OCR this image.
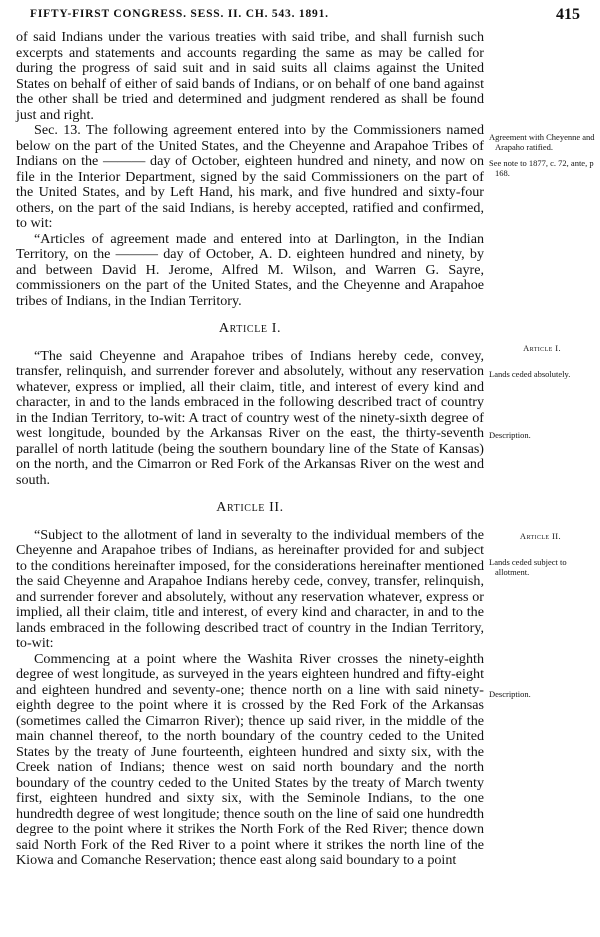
FIFTY-FIRST CONGRESS. SESS. II. CH. 543. 1891.	415

of said Indians under the various treaties with said tribe, and shall furnish such excerpts and statements and accounts regarding the same as may be called for during the progress of said suit and in said suits all claims against the United States on behalf of either of said bands of Indians, or on behalf of one band against the other shall be tried and determined and judgment rendered as shall be found just and right.

Sec. 13. The following agreement entered into by the Commissioners named below on the part of the United States, and the Cheyenne and Arapahoe Tribes of Indians on the ——— day of October, eighteen hundred and ninety, and now on file in the Interior Department, signed by the said Commissioners on the part of the United States, and by Left Hand, his mark, and five hundred and sixty-four others, on the part of the said Indians, is hereby accepted, ratified and confirmed, to wit:

“Articles of agreement made and entered into at Darlington, in the Indian Territory, on the ——— day of October, A. D. eighteen hundred and ninety, by and between David H. Jerome, Alfred M. Wilson, and Warren G. Sayre, commissioners on the part of the United States, and the Cheyenne and Arapahoe tribes of Indians, in the Indian Territory.

Article I.

“The said Cheyenne and Arapahoe tribes of Indians hereby cede, convey, transfer, relinquish, and surrender forever and absolutely, without any reservation whatever, express or implied, all their claim, title, and interest of every kind and character, in and to the lands embraced in the following described tract of country in the Indian Territory, to-wit: A tract of country west of the ninety-sixth degree of west longitude, bounded by the Arkansas River on the east, the thirty-seventh parallel of north latitude (being the southern boundary line of the State of Kansas) on the north, and the Cimarron or Red Fork of the Arkansas River on the west and south.

Article II.

“Subject to the allotment of land in severalty to the individual members of the Cheyenne and Arapahoe tribes of Indians, as hereinafter provided for and subject to the conditions hereinafter imposed, for the considerations hereinafter mentioned the said Cheyenne and Arapahoe Indians hereby cede, convey, transfer, relinquish, and surrender forever and absolutely, without any reservation whatever, express or implied, all their claim, title and interest, of every kind and character, in and to the lands embraced in the following described tract of country in the Indian Territory, to-wit:

Commencing at a point where the Washita River crosses the ninety-eighth degree of west longitude, as surveyed in the years eighteen hundred and fifty-eight and eighteen hundred and seventy-one; thence north on a line with said ninety-eighth degree to the point where it is crossed by the Red Fork of the Arkansas (sometimes called the Cimarron River); thence up said river, in the middle of the main channel thereof, to the north boundary of the country ceded to the United States by the treaty of June fourteenth, eighteen hundred and sixty six, with the Creek nation of Indians; thence west on said north boundary and the north boundary of the country ceded to the United States by the treaty of March twenty first, eighteen hundred and sixty six, with the Seminole Indians, to the one hundredth degree of west longitude; thence south on the line of said one hundredth degree to the point where it strikes the North Fork of the Red River; thence down said North Fork of the Red River to a point where it strikes the north line of the Kiowa and Comanche Reservation; thence east along said boundary to a point

Agreement with Cheyenne and Arapaho ratified.
See note to 1877, c. 72, ante, p 168.
Article I.
Lands ceded absolutely.
Description.
Article II.
Lands ceded subject to allotment.
Description.
